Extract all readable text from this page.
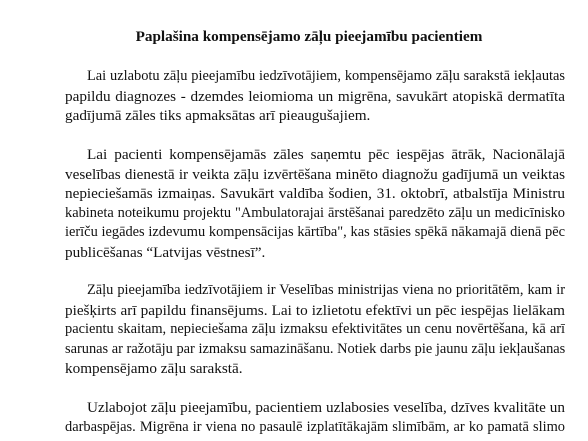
Paplašina kompensējamo zāļu pieejamību pacientiem
Lai uzlabotu zāļu pieejamību iedzīvotājiem, kompensējamo zāļu sarakstā iekļautas
papildu diagnozes - dzemdes leiomioma un migrēna, savukārt atopiskā dermatīta
gadījumā zāles tiks apmaksātas arī pieaugušajiem.
Lai pacienti kompensējamās zāles saņemtu pēc iespējas ātrāk, Nacionālajā
veselības dienestā ir veikta zāļu izvērtēšana minēto diagnožu gadījumā un veiktas
nepieciešamās izmaiņas. Savukārt valdība šodien, 31. oktobrī, atbalstīja Ministru
kabineta noteikumu projektu "Ambulatorajai ārstēšanai paredzēto zāļu un medicīnisko
ierīču iegādes izdevumu kompensācijas kārtība", kas stāsies spēkā nākamajā dienā pēc
publicēšanas “Latvijas vēstnesī”.
Zāļu pieejamība iedzīvotājiem ir Veselības ministrijas viena no prioritātēm, kam ir
piešķirts arī papildu finansējums. Lai to izlietotu efektīvi un pēc iespējas lielākam
pacientu skaitam, nepieciešama zāļu izmaksu efektivitātes un cenu novērtēšana, kā arī
sarunas ar ražotāju par izmaksu samazināšanu. Notiek darbs pie jaunu zāļu iekļaušanas
kompensējamo zāļu sarakstā.
Uzlabojot zāļu pieejamību, pacientiem uzlabosies veselība, dzīves kvalitāte un
darbaspējas. Migrēna ir viena no pasaulē izplatītākajām slimībām, ar ko pamatā slimo
